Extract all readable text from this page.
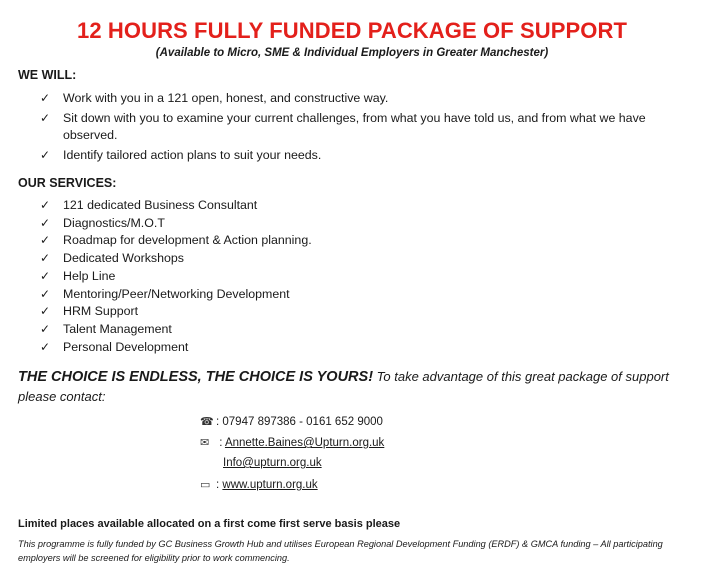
12 HOURS FULLY FUNDED PACKAGE OF SUPPORT
(Available to Micro, SME & Individual Employers in Greater Manchester)
WE WILL:
✓ Work with you in a 121 open, honest, and constructive way.
✓ Sit down with you to examine your current challenges, from what you have told us, and from what we have observed.
✓ Identify tailored action plans to suit your needs.
OUR SERVICES:
✓ 121 dedicated Business Consultant
✓ Diagnostics/M.O.T
✓ Roadmap for development & Action planning.
✓ Dedicated Workshops
✓ Help Line
✓ Mentoring/Peer/Networking Development
✓ HRM Support
✓ Talent Management
✓ Personal Development
THE CHOICE IS ENDLESS, THE CHOICE IS YOURS! To take advantage of this great package of support please contact:
☎ : 07947 897386 - 0161 652 9000
✉ : Annette.Baines@Upturn.org.uk
Info@upturn.org.uk
▭ : www.upturn.org.uk
Limited places available allocated on a first come first serve basis please
This programme is fully funded by GC Business Growth Hub and utilises European Regional Development Funding (ERDF) & GMCA funding – All participating employers will be screened for eligibility prior to work commencing.
